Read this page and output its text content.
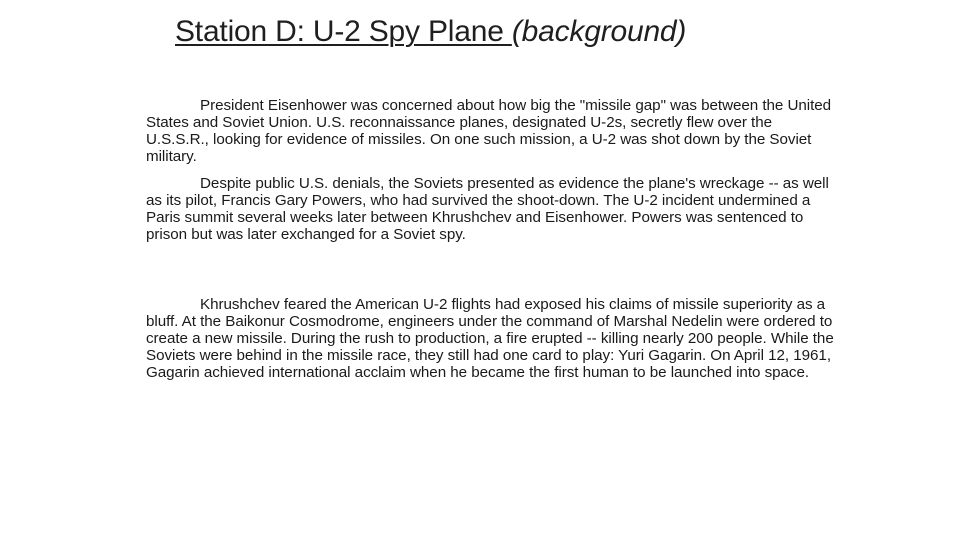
Station D: U-2 Spy Plane (background)

President Eisenhower was concerned about how big the "missile gap" was between the United States and Soviet Union. U.S. reconnaissance planes, designated U-2s, secretly flew over the U.S.S.R., looking for evidence of missiles. On one such mission, a U-2 was shot down by the Soviet military.

Despite public U.S. denials, the Soviets presented as evidence the plane's wreckage -- as well as its pilot, Francis Gary Powers, who had survived the shoot-down. The U-2 incident undermined a Paris summit several weeks later between Khrushchev and Eisenhower. Powers was sentenced to prison but was later exchanged for a Soviet spy.

Khrushchev feared the American U-2 flights had exposed his claims of missile superiority as a bluff. At the Baikonur Cosmodrome, engineers under the command of Marshal Nedelin were ordered to create a new missile. During the rush to production, a fire erupted -- killing nearly 200 people. While the Soviets were behind in the missile race, they still had one card to play: Yuri Gagarin. On April 12, 1961, Gagarin achieved international acclaim when he became the first human to be launched into space.
